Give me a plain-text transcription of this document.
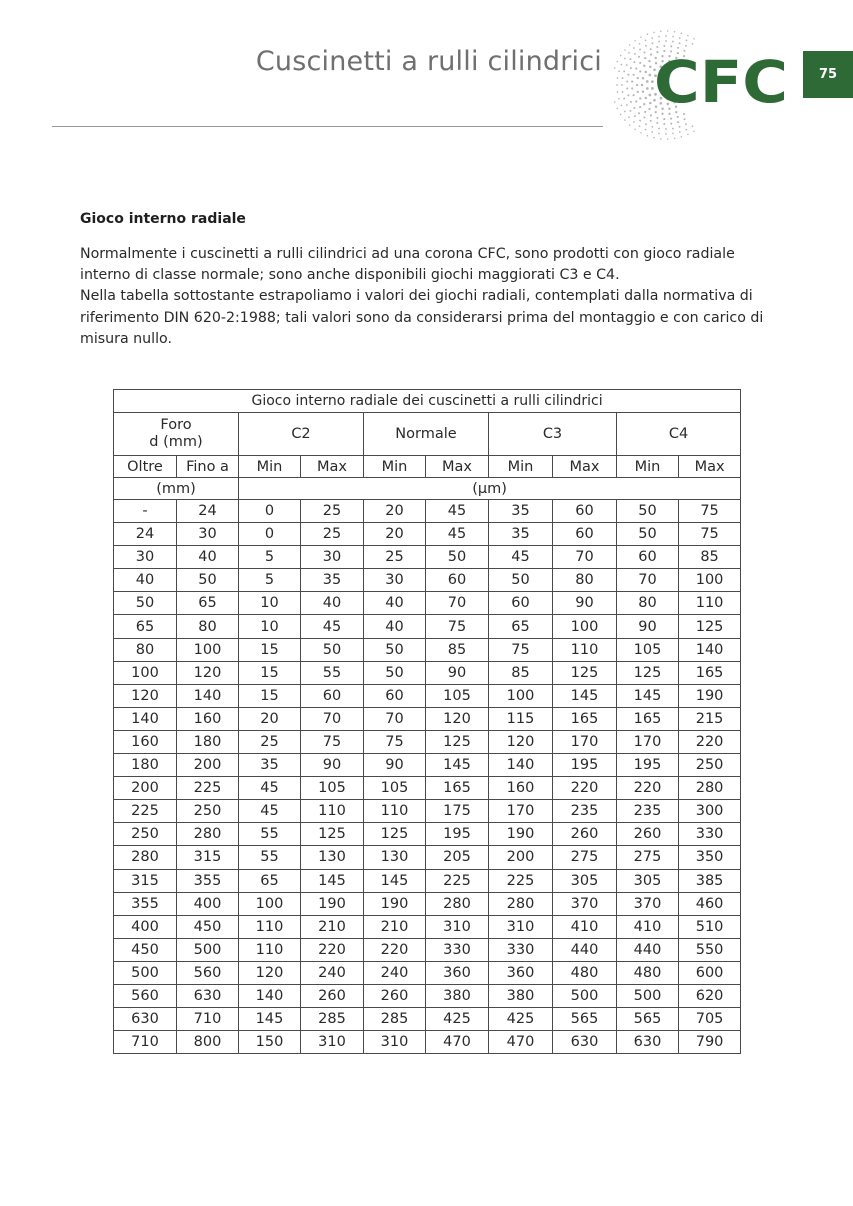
Cuscinetti a rulli cilindrici CFC	75
Gioco interno radiale

Normalmente i cuscinetti a rulli cilindrici ad una corona CFC, sono prodotti con gioco radiale interno di classe normale; sono anche disponibili giochi maggiorati C3 e C4.

Nella tabella sottostante estrapoliamo i valori dei giochi radiali, contemplati dalla normativa di riferimento DIN 620-2:1988; tali valori sono da considerarsi prima del montaggio e con carico di misura nullo.

Gioco interno radiale dei cuscinetti a rulli cilindrici									
Foro
d (mm)		C2		Normale		C3		C4	
Oltre	Fino a	Min	Max	Min	Max	Min	Max	Min	Max
(mm)		(µm)							
-	24	0	25	20	45	35	60	50	75
24	30	0	25	20	45	35	60	50	75
30	40	5	30	25	50	45	70	60	85
40	50	5	35	30	60	50	80	70	100
50	65	10	40	40	70	60	90	80	110
65	80	10	45	40	75	65	100	90	125
80	100	15	50	50	85	75	110	105	140
100	120	15	55	50	90	85	125	125	165
120	140	15	60	60	105	100	145	145	190
140	160	20	70	70	120	115	165	165	215
160	180	25	75	75	125	120	170	170	220
180	200	35	90	90	145	140	195	195	250
200	225	45	105	105	165	160	220	220	280
225	250	45	110	110	175	170	235	235	300
250	280	55	125	125	195	190	260	260	330
280	315	55	130	130	205	200	275	275	350
315	355	65	145	145	225	225	305	305	385
355	400	100	190	190	280	280	370	370	460
400	450	110	210	210	310	310	410	410	510
450	500	110	220	220	330	330	440	440	550
500	560	120	240	240	360	360	480	480	600
560	630	140	260	260	380	380	500	500	620
630	710	145	285	285	425	425	565	565	705
710	800	150	310	310	470	470	630	630	790
